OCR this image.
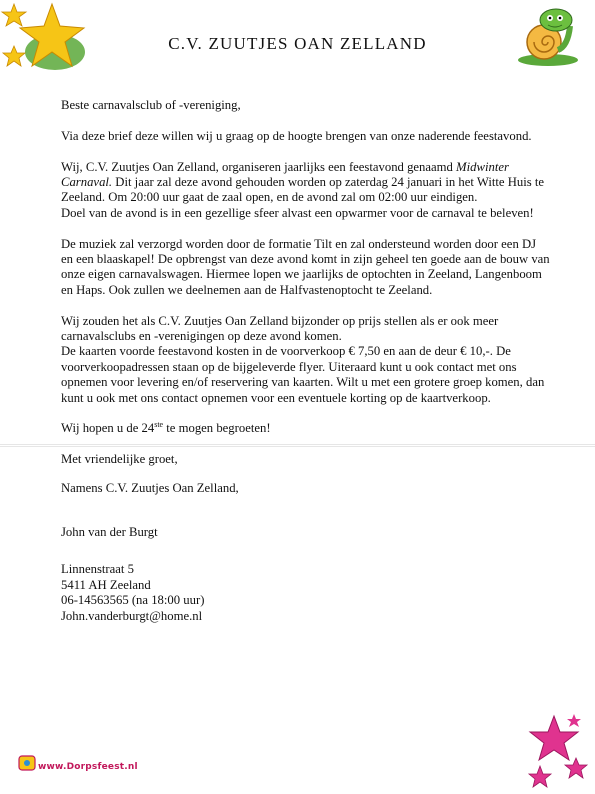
C.V. ZUUTJES OAN ZELLAND

Beste carnavalsclub of -vereniging,

Via deze brief deze willen wij u graag op de hoogte brengen van onze naderende feestavond.

Wij, C.V. Zuutjes Oan Zelland, organiseren jaarlijks een feestavond genaamd Midwinter Carnaval. Dit jaar zal deze avond gehouden worden op zaterdag 24 januari in het Witte Huis te Zeeland. Om 20:00 uur gaat de zaal open, en de avond zal om 02:00 uur eindigen.

Doel van de avond is in een gezellige sfeer alvast een opwarmer voor de carnaval te beleven!

De muziek zal verzorgd worden door de formatie Tilt en zal ondersteund worden door een DJ en een blaaskapel! De opbrengst van deze avond komt in zijn geheel ten goede aan de bouw van onze eigen carnavalswagen. Hiermee lopen we jaarlijks de optochten in Zeeland, Langenboom en Haps. Ook zullen we deelnemen aan de Halfvastenoptocht te Zeeland.

Wij zouden het als C.V. Zuutjes Oan Zelland bijzonder op prijs stellen als er ook meer carnavalsclubs en -verenigingen op deze avond komen.

De kaarten voorde feestavond kosten in de voorverkoop € 7,50 en aan de deur € 10,-. De voorverkoopadressen staan op de bijgeleverde flyer. Uiteraard kunt u ook contact met ons opnemen voor levering en/of reservering van kaarten. Wilt u met een grotere groep komen, dan kunt u ook met ons contact opnemen voor een eventuele korting op de kaartverkoop.

Wij hopen u de 24ste te mogen begroeten!

Met vriendelijke groet,

Namens C.V. Zuutjes Oan Zelland,

John van der Burgt

Linnenstraat 5
5411 AH Zeeland
06-14563565 (na 18:00 uur)
John.vanderburgt@home.nl
www.Dorpsfeest.nl
